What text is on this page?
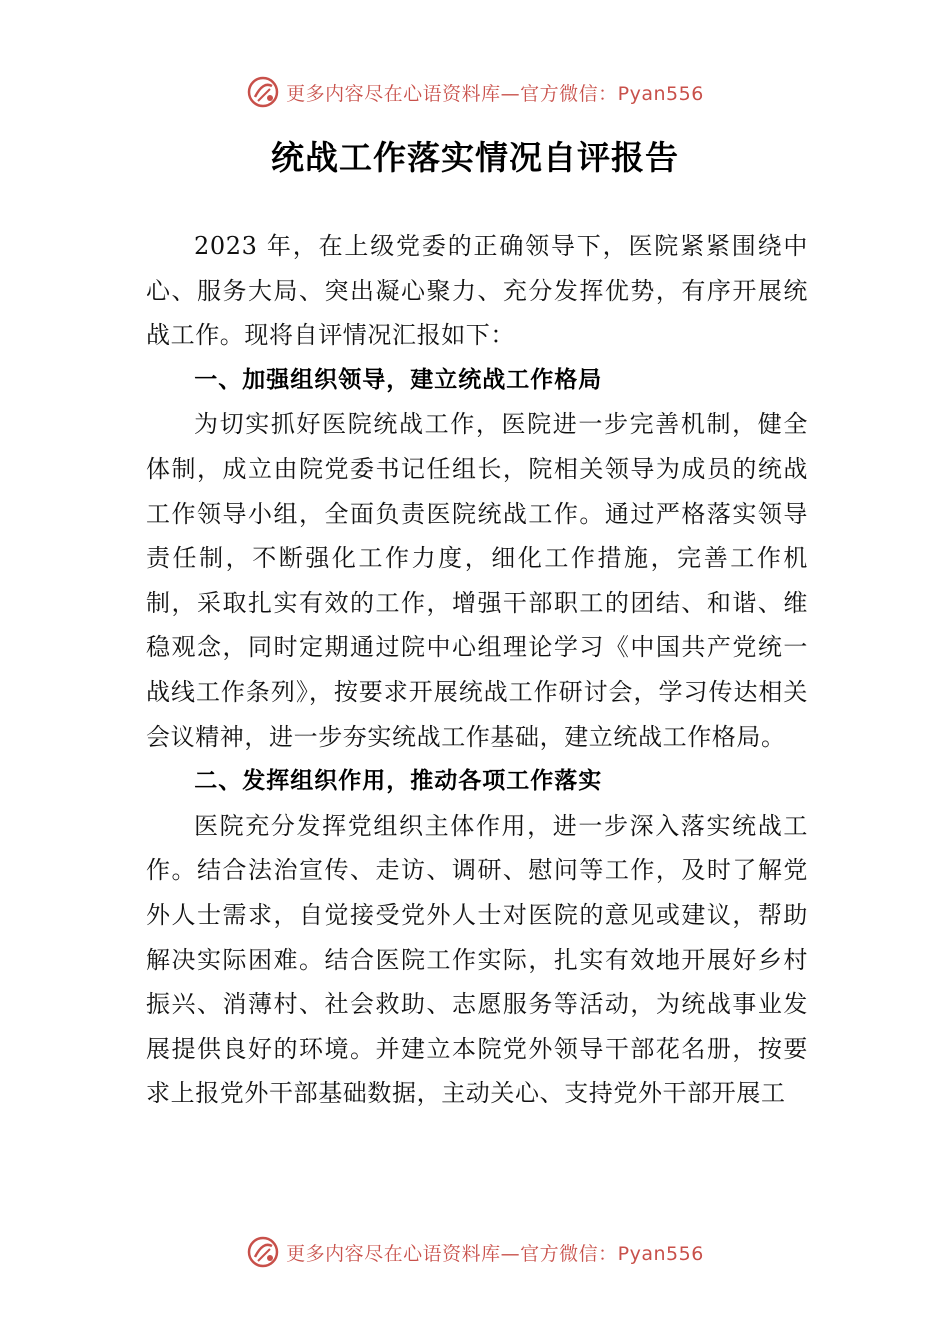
更多内容尽在心语资料库—官方微信：Pyan556
统战工作落实情况自评报告

2023 年，在上级党委的正确领导下，医院紧紧围绕中心、服务大局、突出凝心聚力、充分发挥优势，有序开展统战工作。现将自评情况汇报如下：

一、加强组织领导，建立统战工作格局

为切实抓好医院统战工作，医院进一步完善机制，健全体制，成立由院党委书记任组长，院相关领导为成员的统战工作领导小组，全面负责医院统战工作。通过严格落实领导责任制，不断强化工作力度，细化工作措施，完善工作机制，采取扎实有效的工作，增强干部职工的团结、和谐、维稳观念，同时定期通过院中心组理论学习《中国共产党统一战线工作条列》，按要求开展统战工作研讨会，学习传达相关会议精神，进一步夯实统战工作基础，建立统战工作格局。

二、发挥组织作用，推动各项工作落实

医院充分发挥党组织主体作用，进一步深入落实统战工作。结合法治宣传、走访、调研、慰问等工作，及时了解党外人士需求，自觉接受党外人士对医院的意见或建议，帮助解决实际困难。结合医院工作实际，扎实有效地开展好乡村振兴、消薄村、社会救助、志愿服务等活动，为统战事业发展提供良好的环境。并建立本院党外领导干部花名册，按要求上报党外干部基础数据，主动关心、支持党外干部开展工

更多内容尽在心语资料库—官方微信：Pyan556
